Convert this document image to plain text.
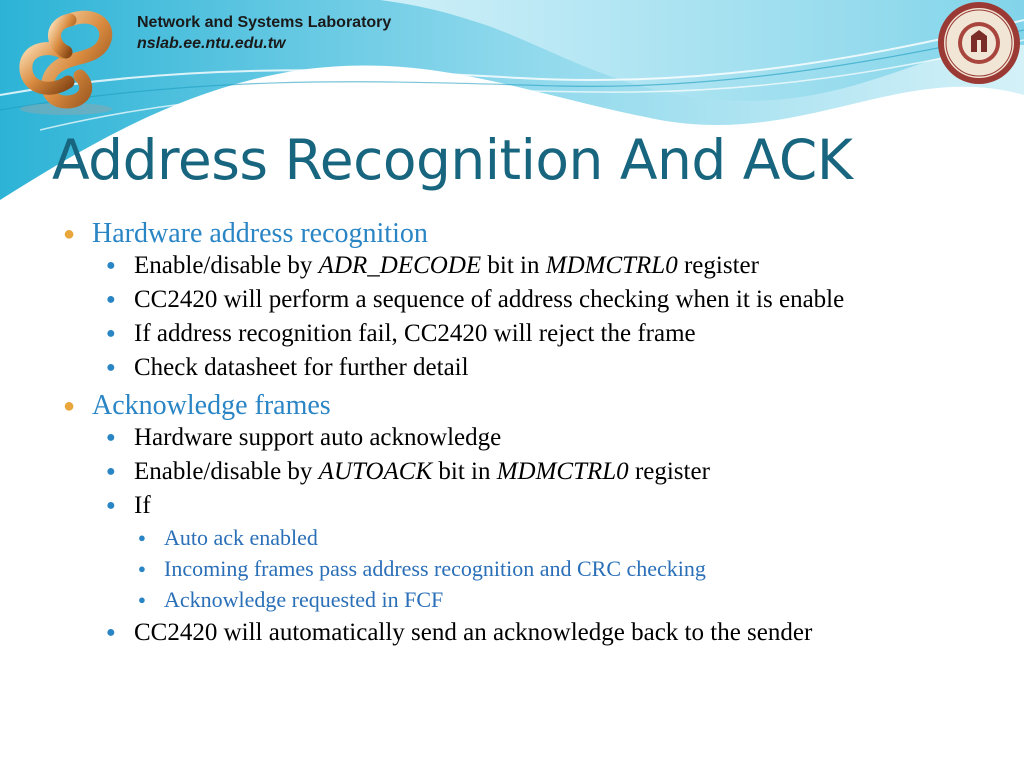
Network and Systems Laboratory

nslab.ee.ntu.edu.tw

Address Recognition And ACK
● Hardware address recognition
● Enable/disable by ADR_DECODE bit in MDMCTRL0 register
● CC2420 will perform a sequence of address checking when it is enable
● If address recognition fail, CC2420 will reject the frame
● Check datasheet for further detail
● Acknowledge frames
● Hardware support auto acknowledge
● Enable/disable by AUTOACK bit in MDMCTRL0 register
● If
● Auto ack enabled
● Incoming frames pass address recognition and CRC checking
● Acknowledge requested in FCF
● CC2420 will automatically send an acknowledge back to the sender
